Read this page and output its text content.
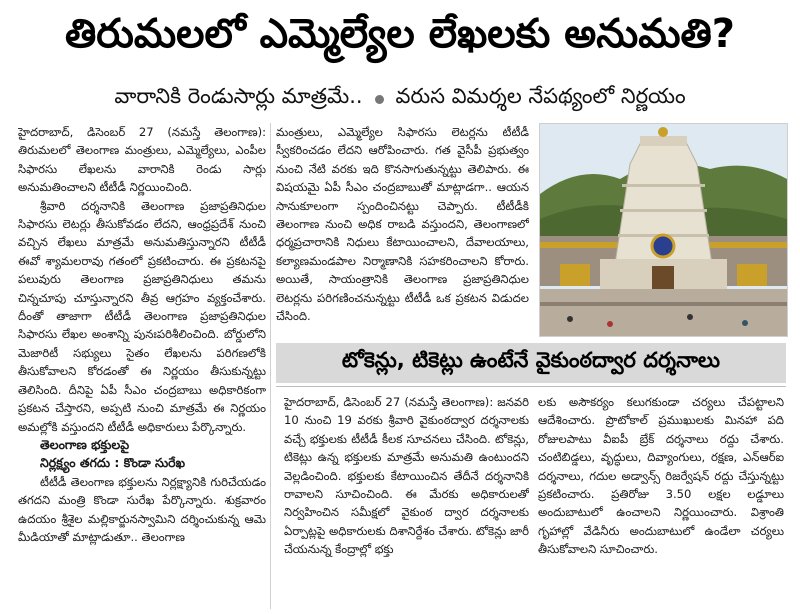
తిరుమలలో ఎమ్మెల్యేల లేఖలకు అనుమతి?
వారానికి రెండుసార్లు మాత్రమే.. వరుస విమర్శల నేపథ్యంలో నిర్ణయం

హైదరాబాద్, డిసెంబర్ 27 (నమస్తే తెలంగాణ): తిరుమలలో తెలంగాణ మంత్రులు, ఎమ్మెల్యేలు, ఎంపీల సిఫారసు లేఖలను వారానికి రెండు సార్లు అనుమతించాలని టీటీడీ నిర్ణయించింది.

శ్రీవారి దర్శనానికి తెలంగాణ ప్రజాప్రతినిధుల సిఫారసు లెటర్లు తీసుకోవడం లేదని, ఆంధ్రప్రదేశ్ నుంచి వచ్చిన లేఖలు మాత్రమే అనుమతిస్తున్నారని టీటీడీ ఈవో శ్యామలరావు గతంలో ప్రకటించారు. ఈ ప్రకటనపై పలువురు తెలంగాణ ప్రజాప్రతినిధులు తమను చిన్నచూపు చూస్తున్నారని తీవ్ర ఆగ్రహం వ్యక్తంచేశారు. దీంతో తాజాగా టీటీడీ తెలంగాణ ప్రజాప్రతినిధుల సిఫారసు లేఖల అంశాన్ని పునఃపరిశీలించింది. బోర్డులోని మెజారిటీ సభ్యులు సైతం లేఖలను పరిగణలోకి తీసుకోవాలని కోరడంతో ఈ నిర్ణయం తీసుకున్నట్టు తెలిసింది. దీనిపై ఏపీ సీఎం చంద్రబాబు అధికారికంగా ప్రకటన చేస్తారని, అప్పటి నుంచి మాత్రమే ఈ నిర్ణయం అమల్లోకి వస్తుందని టీటీడీ అధికారులు పేర్కొన్నారు.

తెలంగాణ భక్తులపై

నిర్లక్ష్యం తగదు : కొండా సురేఖ

టీటీడీ తెలంగాణ భక్తులను నిర్లక్ష్యానికి గురిచేయడం తగదని మంత్రి కొండా సురేఖ పేర్కొన్నారు. శుక్రవారం ఉదయం శ్రీశైల మల్లికార్జునస్వామిని దర్శించుకున్న ఆమె మీడియాతో మాట్లాడుతూ.. తెలంగాణ

మంత్రులు, ఎమ్మెల్యేల సిఫారసు లెటర్లను టీటీడీ స్వీకరించడం లేదని ఆరోపించారు. గత వైసీపీ ప్రభుత్వం నుంచి నేటి వరకు ఇది కొనసాగుతున్నట్టు తెలిపారు. ఈ విషయమై ఏపీ సీఎం చంద్రబాబుతో మాట్లాడగా.. ఆయన సానుకూలంగా స్పందించినట్టు చెప్పారు. టీటీడీకి తెలంగాణ నుంచి అధిక రాబడి వస్తుందని, తెలంగాణలో ధర్మప్రచారానికి నిధులు కేటాయించాలని, దేవాలయాలు, కల్యాణమండపాల నిర్మాణానికి సహకరించాలని కోరారు. అయితే, సాయంత్రానికి తెలంగాణ ప్రజాప్రతినిధుల లెటర్లను పరిగణించనున్నట్టు టీటీడీ ఒక ప్రకటన విడుదల చేసింది.

టోకెన్లు, టికెట్లు ఉంటేనే వైకుంఠద్వార దర్శనాలు

హైదరాబాద్, డిసెంబర్ 27 (నమస్తే తెలంగాణ): జనవరి 10 నుంచి 19 వరకు శ్రీవారి వైకుంఠద్వార దర్శనాలకు వచ్చే భక్తులకు టీటీడీ కీలక సూచనలు చేసింది. టోకెన్లు, టికెట్లు ఉన్న భక్తులకు మాత్రమే అనుమతి ఉంటుందని వెల్లడించింది. భక్తులకు కేటాయించిన తేదీనే దర్శనానికి రావాలని సూచించింది. ఈ మేరకు అధికారులతో నిర్వహించిన సమీక్షలో వైకుంఠ ద్వార దర్శనాలకు ఏర్పాట్లపై అధికారులకు దిశానిర్దేశం చేశారు. టోకెన్లు జారీ చేయనున్న కేంద్రాల్లో భక్తు

లకు అసౌకర్యం కలుగకుండా చర్యలు చేపట్టాలని ఆదేశించారు. ప్రొటోకాల్ ప్రముఖులకు మినహా పది రోజులపాటు వీఐపీ బ్రేక్ దర్శనాలు రద్దు చేశారు. చంటిబిడ్డలు, వృద్ధులు, దివ్యాంగులు, రక్షణ, ఎన్ఆర్ఐ దర్శనాలు, గదుల అడ్వాన్స్ రిజర్వేషన్ రద్దు చేస్తున్నట్టు ప్రకటించారు. ప్రతిరోజు 3.50 లక్షల లడ్డూలు అందుబాటులో ఉంచాలని నిర్ణయించారు. విశ్రాంతి గృహాల్లో వేడినీరు అందుబాటులో ఉండేలా చర్యలు తీసుకోవాలని సూచించారు.
